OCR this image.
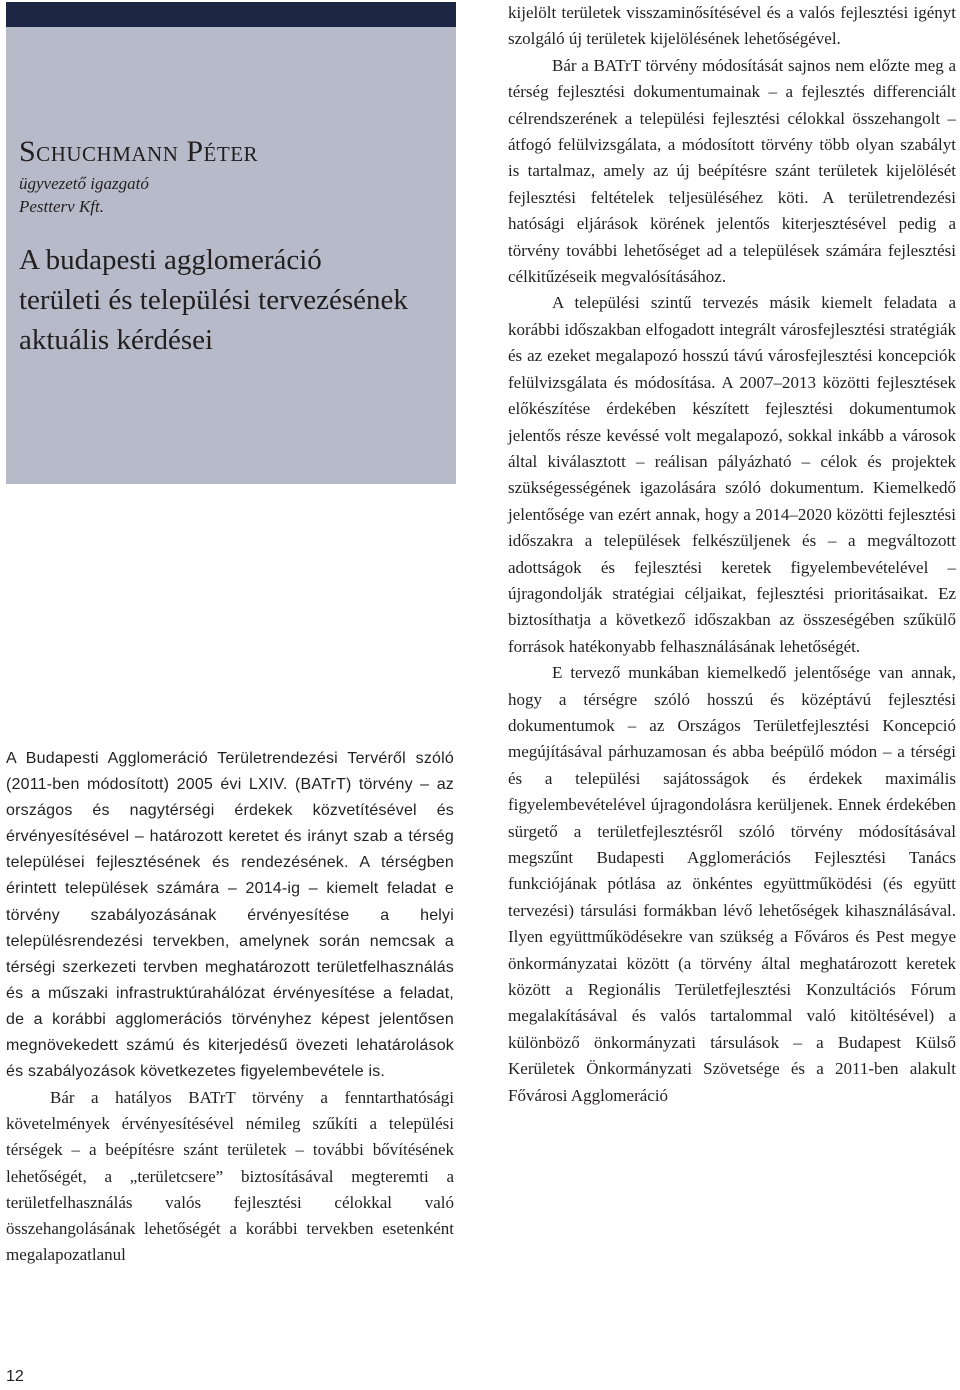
Schuchmann Péter
ügyvezető igazgató
Pestterv Kft.
A budapesti agglomeráció
területi és települési tervezésének
aktuális kérdései

A Budapesti Agglomeráció Területrendezési Tervéről szóló (2011-ben módosított) 2005 évi LXIV. (BATrT) törvény – az országos és nagytérségi érdekek közvetítésével és érvényesítésével – határozott keretet és irányt szab a térség települései fejlesztésének és rendezésének. A térségben érintett települések számára – 2014-ig – kiemelt feladat e törvény szabályozásának érvényesítése a helyi településrendezési tervekben, amelynek során nemcsak a térségi szerkezeti tervben meghatározott területfelhasználás és a műszaki infrastruktúrahálózat érvényesítése a feladat, de a korábbi agglomerációs törvényhez képest jelentősen megnövekedett számú és kiterjedésű övezeti lehatárolások és szabályozások következetes figyelembevétele is.

Bár a hatályos BATrT törvény a fenntarthatósági követelmények érvényesítésével némileg szűkíti a települési térségek – a beépítésre szánt területek – további bővítésének lehetőségét, a „területcsere” biztosításával megteremti a területfelhasználás valós fejlesztési célokkal való összehangolásának lehetőségét a korábbi tervekben esetenként megalapozatlanul

kijelölt területek visszaminősítésével és a valós fejlesztési igényt szolgáló új területek kijelölésének lehetőségével.

Bár a BATrT törvény módosítását sajnos nem előzte meg a térség fejlesztési dokumentumainak – a fejlesztés differenciált célrendszerének a települési fejlesztési célokkal összehangolt – átfogó felülvizsgálata, a módosított törvény több olyan szabályt is tartalmaz, amely az új beépítésre szánt területek kijelölését fejlesztési feltételek teljesüléséhez köti. A területrendezési hatósági eljárások körének jelentős kiterjesztésével pedig a törvény további lehetőséget ad a települések számára fejlesztési célkitűzéseik megvalósításához.

A települési szintű tervezés másik kiemelt feladata a korábbi időszakban elfogadott integrált városfejlesztési stratégiák és az ezeket megalapozó hosszú távú városfejlesztési koncepciók felülvizsgálata és módosítása. A 2007–2013 közötti fejlesztések előkészítése érdekében készített fejlesztési dokumentumok jelentős része kevéssé volt megalapozó, sokkal inkább a városok által kiválasztott – reálisan pályázható – célok és projektek szükségességének igazolására szóló dokumentum. Kiemelkedő jelentősége van ezért annak, hogy a 2014–2020 közötti fejlesztési időszakra a települések felkészüljenek és – a megváltozott adottságok és fejlesztési keretek figyelembevételével – újragondolják stratégiai céljaikat, fejlesztési prioritásaikat. Ez biztosíthatja a következő időszakban az összeségében szűkülő források hatékonyabb felhasználásának lehetőségét.

E tervező munkában kiemelkedő jelentősége van annak, hogy a térségre szóló hosszú és középtávú fejlesztési dokumentumok – az Országos Területfejlesztési Koncepció megújításával párhuzamosan és abba beépülő módon – a térségi és a települési sajátosságok és érdekek maximális figyelembevételével újragondolásra kerüljenek. Ennek érdekében sürgető a területfejlesztésről szóló törvény módosításával megszűnt Budapesti Agglomerációs Fejlesztési Tanács funkciójának pótlása az önkéntes együttműködési (és együtt tervezési) társulási formákban lévő lehetőségek kihasználásával. Ilyen együttműködésekre van szükség a Főváros és Pest megye önkormányzatai között (a törvény által meghatározott keretek között a Regionális Területfejlesztési Konzultációs Fórum megalakításával és valós tartalommal való kitöltésével) a különböző önkormányzati társulások – a Budapest Külső Kerületek Önkormányzati Szövetsége és a 2011-ben alakult Fővárosi Agglomeráció

12
